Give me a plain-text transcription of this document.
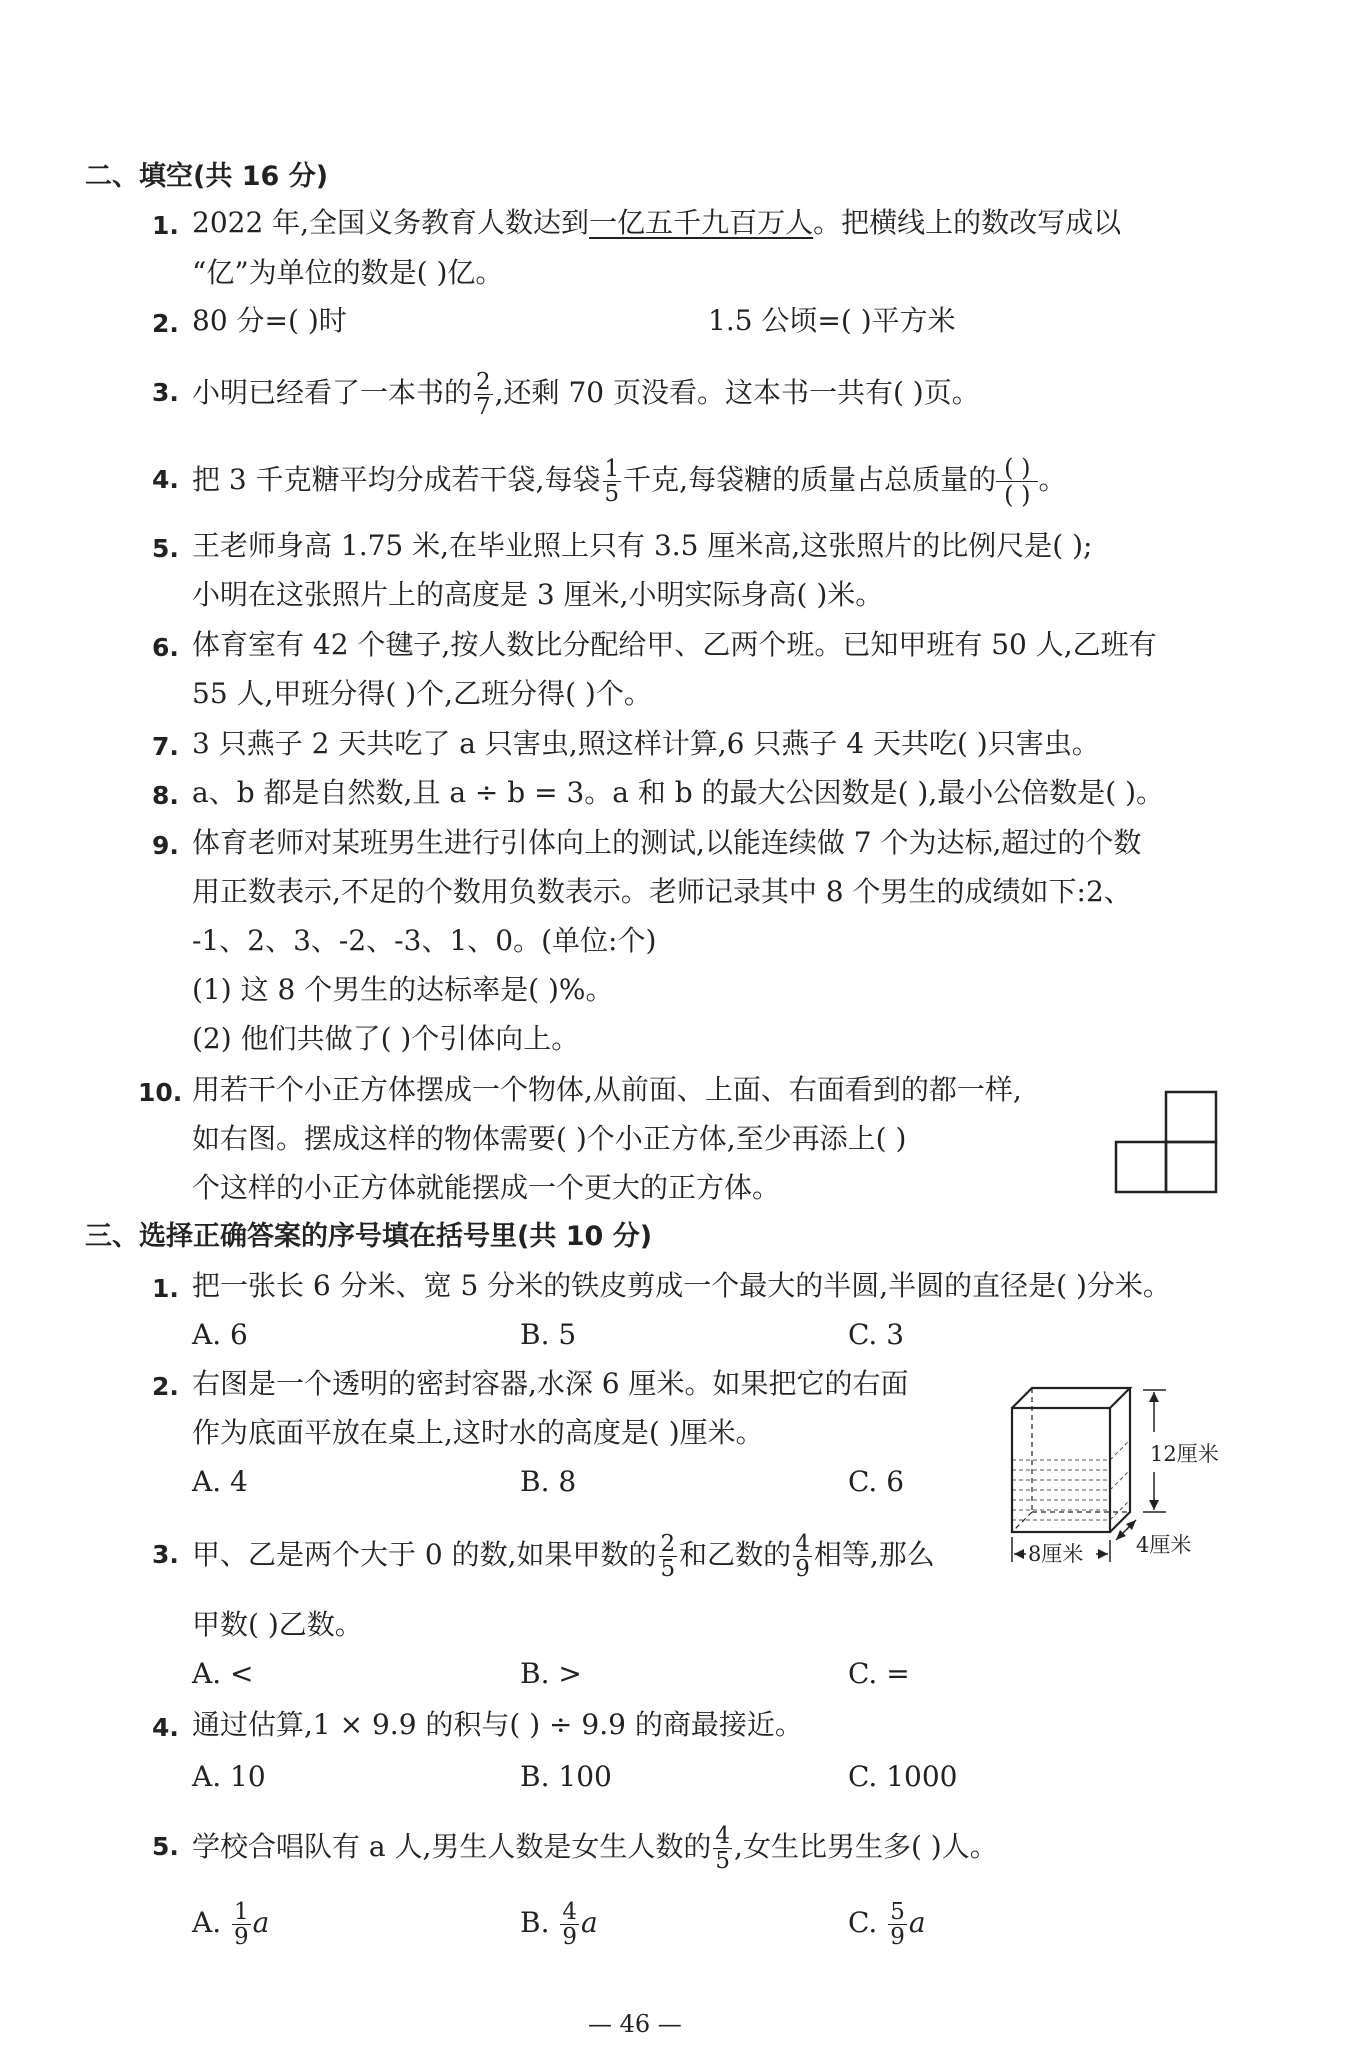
二、填空(共 16 分)
1. 2022 年,全国义务教育人数达到一亿五千九百万人。把横线上的数改写成以
“亿”为单位的数是( )亿。
2. 80 分=( )时	1.5 公顷=( )平方米
3. 小明已经看了一本书的 $\frac{2}{7}$ ,还剩 70 页没看。这本书一共有( )页。
4. 把 3 千克糖平均分成若干袋,每袋 $\frac{1}{5}$ 千克,每袋糖的质量占总质量的 ( )
( ) 。
5. 王老师身高 1.75 米,在毕业照上只有 3.5 厘米高,这张照片的比例尺是( );
小明在这张照片上的高度是 3 厘米,小明实际身高( )米。
6. 体育室有 42 个毽子,按人数比分配给甲、乙两个班。已知甲班有 50 人,乙班有
55 人,甲班分得( )个,乙班分得( )个。
7. 3 只燕子 2 天共吃了 a 只害虫,照这样计算,6 只燕子 4 天共吃( )只害虫。
8. a、b 都是自然数,且 a ÷ b = 3。a 和 b 的最大公因数是( ),最小公倍数是( )。
9. 体育老师对某班男生进行引体向上的测试,以能连续做 7 个为达标,超过的个数
用正数表示,不足的个数用负数表示。老师记录其中 8 个男生的成绩如下:2、
-1、2、3、-2、-3、1、0。(单位:个)
(1) 这 8 个男生的达标率是( )%。
(2) 他们共做了( )个引体向上。
10. 用若干个小正方体摆成一个物体,从前面、上面、右面看到的都一样,
如右图。摆成这样的物体需要( )个小正方体,至少再添上( )
个这样的小正方体就能摆成一个更大的正方体。
三、选择正确答案的序号填在括号里(共 10 分)
1. 把一张长 6 分米、宽 5 分米的铁皮剪成一个最大的半圆,半圆的直径是( )分米。
A. 6	B. 5	C. 3
2. 右图是一个透明的密封容器,水深 6 厘米。如果把它的右面
作为底面平放在桌上,这时水的高度是( )厘米。
A. 4	B. 8	C. 6
12厘米
8厘米	4厘米
3. 甲、乙是两个大于 0 的数,如果甲数的 $\frac{2}{5}$ 和乙数的 $\frac{4}{9}$ 相等,那么
甲数( )乙数。
A. <	B. >	C. =
4. 通过估算,1 × 9.9 的积与( ) ÷ 9.9 的商最接近。
A. 10	B. 100	C. 1000
5. 学校合唱队有 a 人,男生人数是女生人数的 $\frac{4}{5}$ ,女生比男生多( )人。
A. $\frac{1}{9}$ a	B. $\frac{4}{9}$ a	C. $\frac{5}{9}$ a
— 46 —
